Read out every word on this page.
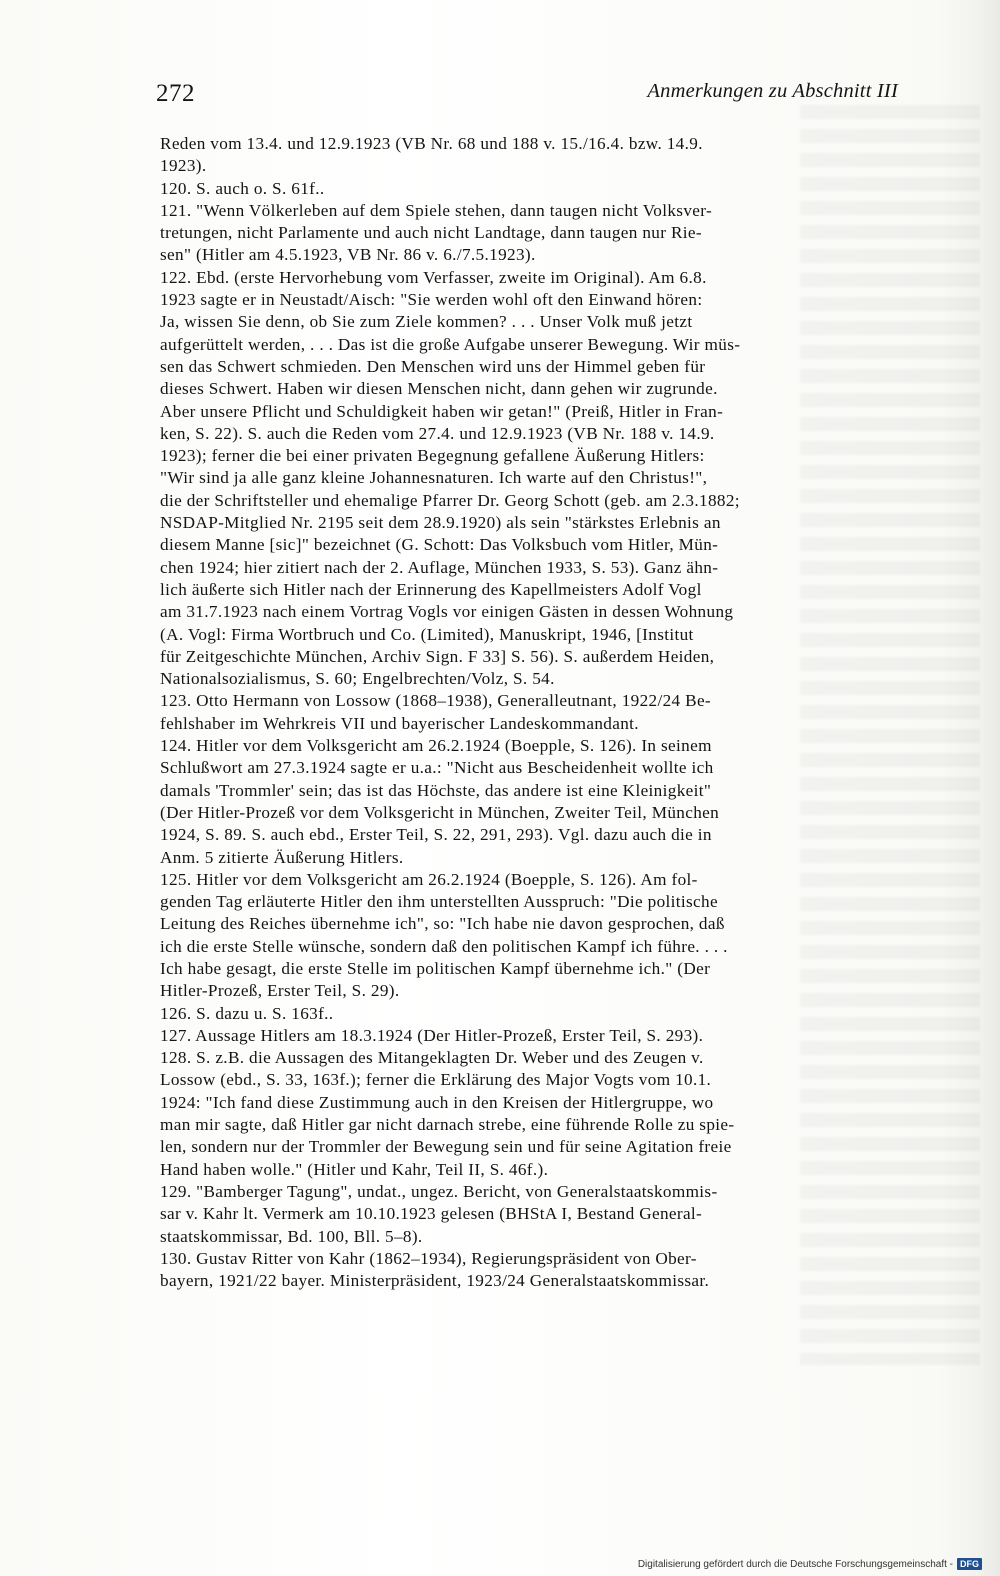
272	Anmerkungen zu Abschnitt III
Reden vom 13.4. und 12.9.1923 (VB Nr. 68 und 188 v. 15./16.4. bzw. 14.9.
1923).
120. S. auch o. S. 61f..
121. "Wenn Völkerleben auf dem Spiele stehen, dann taugen nicht Volksver-
tretungen, nicht Parlamente und auch nicht Landtage, dann taugen nur Rie-
sen" (Hitler am 4.5.1923, VB Nr. 86 v. 6./7.5.1923).
122. Ebd. (erste Hervorhebung vom Verfasser, zweite im Original). Am 6.8.
1923 sagte er in Neustadt/Aisch: "Sie werden wohl oft den Einwand hören:
Ja, wissen Sie denn, ob Sie zum Ziele kommen? . . . Unser Volk muß jetzt
aufgerüttelt werden, . . . Das ist die große Aufgabe unserer Bewegung. Wir müs-
sen das Schwert schmieden. Den Menschen wird uns der Himmel geben für
dieses Schwert. Haben wir diesen Menschen nicht, dann gehen wir zugrunde.
Aber unsere Pflicht und Schuldigkeit haben wir getan!" (Preiß, Hitler in Fran-
ken, S. 22). S. auch die Reden vom 27.4. und 12.9.1923 (VB Nr. 188 v. 14.9.
1923); ferner die bei einer privaten Begegnung gefallene Äußerung Hitlers:
"Wir sind ja alle ganz kleine Johannesnaturen. Ich warte auf den Christus!",
die der Schriftsteller und ehemalige Pfarrer Dr. Georg Schott (geb. am 2.3.1882;
NSDAP-Mitglied Nr. 2195 seit dem 28.9.1920) als sein "stärkstes Erlebnis an
diesem Manne [sic]" bezeichnet (G. Schott: Das Volksbuch vom Hitler, Mün-
chen 1924; hier zitiert nach der 2. Auflage, München 1933, S. 53). Ganz ähn-
lich äußerte sich Hitler nach der Erinnerung des Kapellmeisters Adolf Vogl
am 31.7.1923 nach einem Vortrag Vogls vor einigen Gästen in dessen Wohnung
(A. Vogl: Firma Wortbruch und Co. (Limited), Manuskript, 1946, [Institut
für Zeitgeschichte München, Archiv Sign. F 33] S. 56). S. außerdem Heiden,
Nationalsozialismus, S. 60; Engelbrechten/Volz, S. 54.
123. Otto Hermann von Lossow (1868–1938), Generalleutnant, 1922/24 Be-
fehlshaber im Wehrkreis VII und bayerischer Landeskommandant.
124. Hitler vor dem Volksgericht am 26.2.1924 (Boepple, S. 126). In seinem
Schlußwort am 27.3.1924 sagte er u.a.: "Nicht aus Bescheidenheit wollte ich
damals 'Trommler' sein; das ist das Höchste, das andere ist eine Kleinigkeit"
(Der Hitler-Prozeß vor dem Volksgericht in München, Zweiter Teil, München
1924, S. 89. S. auch ebd., Erster Teil, S. 22, 291, 293). Vgl. dazu auch die in
Anm. 5 zitierte Äußerung Hitlers.
125. Hitler vor dem Volksgericht am 26.2.1924 (Boepple, S. 126). Am fol-
genden Tag erläuterte Hitler den ihm unterstellten Ausspruch: "Die politische
Leitung des Reiches übernehme ich", so: "Ich habe nie davon gesprochen, daß
ich die erste Stelle wünsche, sondern daß den politischen Kampf ich führe. . . .
Ich habe gesagt, die erste Stelle im politischen Kampf übernehme ich." (Der
Hitler-Prozeß, Erster Teil, S. 29).
126. S. dazu u. S. 163f..
127. Aussage Hitlers am 18.3.1924 (Der Hitler-Prozeß, Erster Teil, S. 293).
128. S. z.B. die Aussagen des Mitangeklagten Dr. Weber und des Zeugen v.
Lossow (ebd., S. 33, 163f.); ferner die Erklärung des Major Vogts vom 10.1.
1924: "Ich fand diese Zustimmung auch in den Kreisen der Hitlergruppe, wo
man mir sagte, daß Hitler gar nicht darnach strebe, eine führende Rolle zu spie-
len, sondern nur der Trommler der Bewegung sein und für seine Agitation freie
Hand haben wolle." (Hitler und Kahr, Teil II, S. 46f.).
129. "Bamberger Tagung", undat., ungez. Bericht, von Generalstaatskommis-
sar v. Kahr lt. Vermerk am 10.10.1923 gelesen (BHStA I, Bestand General-
staatskommissar, Bd. 100, Bll. 5–8).
130. Gustav Ritter von Kahr (1862–1934), Regierungspräsident von Ober-
bayern, 1921/22 bayer. Ministerpräsident, 1923/24 Generalstaatskommissar.
Digitalisierung gefördert durch die Deutsche Forschungsgemeinschaft - DFG
